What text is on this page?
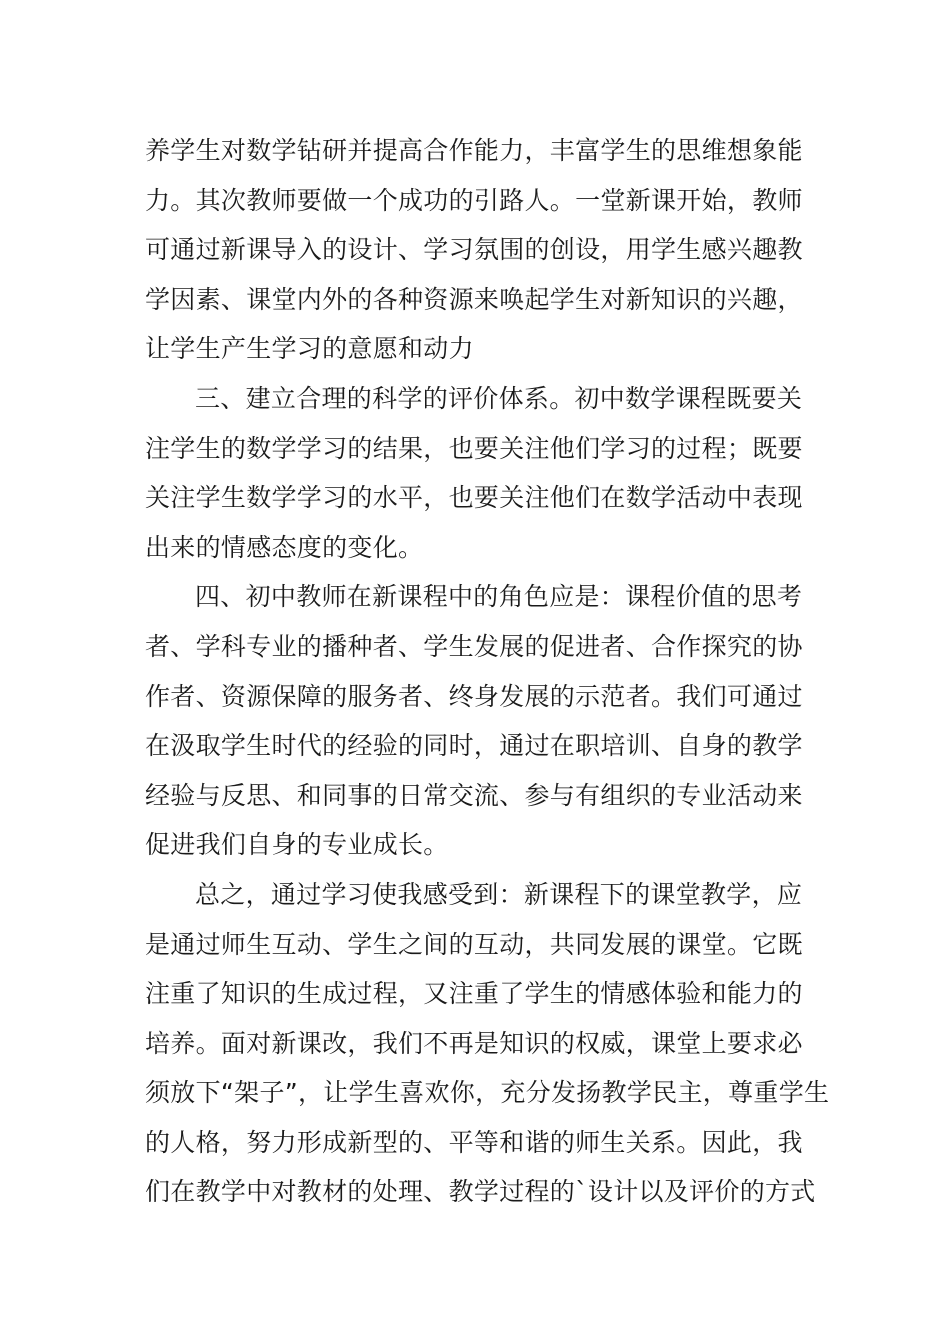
养学生对数学钻研并提高合作能力，丰富学生的思维想象能
力。其次教师要做一个成功的引路人。一堂新课开始，教师
可通过新课导入的设计、学习氛围的创设，用学生感兴趣教
学因素、课堂内外的各种资源来唤起学生对新知识的兴趣，
让学生产生学习的意愿和动力
三、建立合理的科学的评价体系。初中数学课程既要关
注学生的数学学习的结果，也要关注他们学习的过程；既要
关注学生数学学习的水平，也要关注他们在数学活动中表现
出来的情感态度的变化。
四、初中教师在新课程中的角色应是：课程价值的思考
者、学科专业的播种者、学生发展的促进者、合作探究的协
作者、资源保障的服务者、终身发展的示范者。我们可通过
在汲取学生时代的经验的同时，通过在职培训、自身的教学
经验与反思、和同事的日常交流、参与有组织的专业活动来
促进我们自身的专业成长。
总之，通过学习使我感受到：新课程下的课堂教学，应
是通过师生互动、学生之间的互动，共同发展的课堂。它既
注重了知识的生成过程，又注重了学生的情感体验和能力的
培养。面对新课改，我们不再是知识的权威，课堂上要求必
须放下“架子”，让学生喜欢你，充分发扬教学民主，尊重学生
的人格，努力形成新型的、平等和谐的师生关系。因此，我
们在教学中对教材的处理、教学过程的`设计以及评价的方式
